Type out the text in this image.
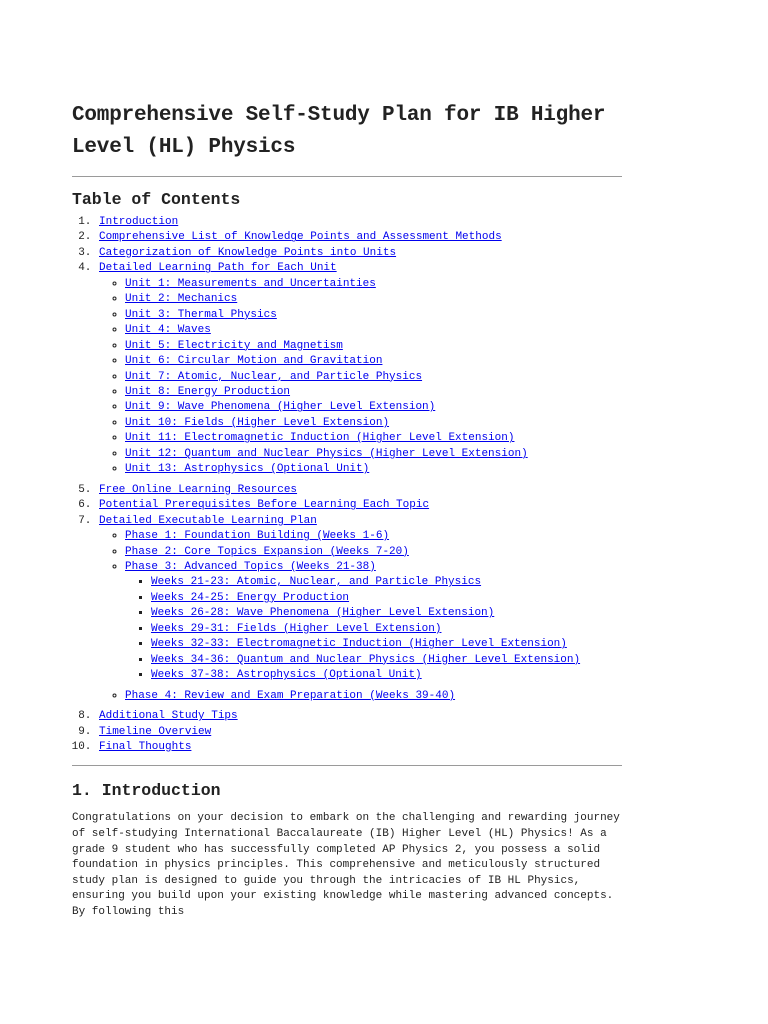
Comprehensive Self-Study Plan for IB Higher Level (HL) Physics
Table of Contents
1. Introduction
2. Comprehensive List of Knowledge Points and Assessment Methods
3. Categorization of Knowledge Points into Units
4. Detailed Learning Path for Each Unit
◦ Unit 1: Measurements and Uncertainties
◦ Unit 2: Mechanics
◦ Unit 3: Thermal Physics
◦ Unit 4: Waves
◦ Unit 5: Electricity and Magnetism
◦ Unit 6: Circular Motion and Gravitation
◦ Unit 7: Atomic, Nuclear, and Particle Physics
◦ Unit 8: Energy Production
◦ Unit 9: Wave Phenomena (Higher Level Extension)
◦ Unit 10: Fields (Higher Level Extension)
◦ Unit 11: Electromagnetic Induction (Higher Level Extension)
◦ Unit 12: Quantum and Nuclear Physics (Higher Level Extension)
◦ Unit 13: Astrophysics (Optional Unit)
5. Free Online Learning Resources
6. Potential Prerequisites Before Learning Each Topic
7. Detailed Executable Learning Plan
◦ Phase 1: Foundation Building (Weeks 1-6)
◦ Phase 2: Core Topics Expansion (Weeks 7-20)
◦ Phase 3: Advanced Topics (Weeks 21-38)
▪ Weeks 21-23: Atomic, Nuclear, and Particle Physics
▪ Weeks 24-25: Energy Production
▪ Weeks 26-28: Wave Phenomena (Higher Level Extension)
▪ Weeks 29-31: Fields (Higher Level Extension)
▪ Weeks 32-33: Electromagnetic Induction (Higher Level Extension)
▪ Weeks 34-36: Quantum and Nuclear Physics (Higher Level Extension)
▪ Weeks 37-38: Astrophysics (Optional Unit)
◦ Phase 4: Review and Exam Preparation (Weeks 39-40)
8. Additional Study Tips
9. Timeline Overview
10. Final Thoughts
1. Introduction

Congratulations on your decision to embark on the challenging and rewarding journey of self-studying International Baccalaureate (IB) Higher Level (HL) Physics! As a grade 9 student who has successfully completed AP Physics 2, you possess a solid foundation in physics principles. This comprehensive and meticulously structured study plan is designed to guide you through the intricacies of IB HL Physics, ensuring you build upon your existing knowledge while mastering advanced concepts. By following this
